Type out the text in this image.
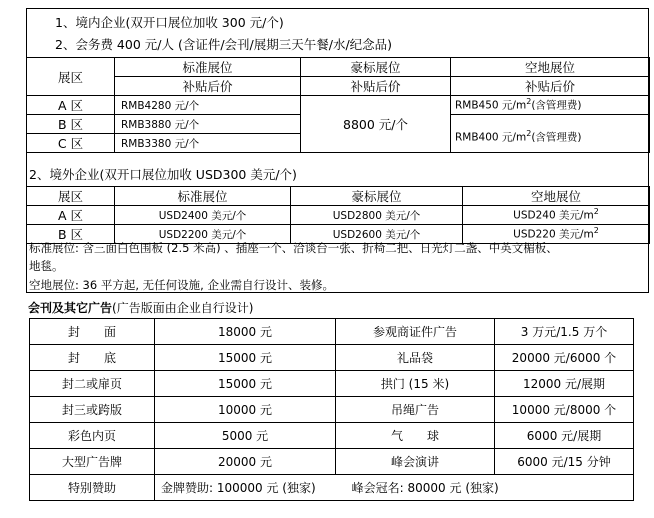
1、境内企业(双开口展位加收 300 元/个)
2、会务费 400 元/人 (含证件/会刊/展期三天午餐/水/纪念品)
展区	标准展位	豪标展位	空地展位
	补贴后价	补贴后价	补贴后价
A 区	RMB4280 元/个	8800 元/个	RMB450 元$/m^2$(含管理费)
B 区	RMB3880 元/个		RMB400 元$/m^2$(含管理费)
C 区	RMB3380 元/个		
2、境外企业(双开口展位加收 USD300 美元/个)
展区	标准展位	豪标展位	空地展位
A 区	USD2400 美元/个	USD2800 美元/个	USD240 美元$/m^2$
B 区	USD2200 美元/个	USD2600 美元/个	USD220 美元$/m^2$
标准展位: 含三面白色围板 (2.5 米高) 、插座一个、洽谈台一张、折椅二把、日光灯二盏、中英文楣板、
地毯。
空地展位: 36 平方起, 无任何设施, 企业需自行设计、装修。
会刊及其它广告(广告版面由企业自行设计)
封　　面	18000 元	参观商证件广告	3 万元/1.5 万个
封　　底	15000 元	礼品袋	20000 元/6000 个
封二或扉页	15000 元	拱门 (15 米)	12000 元/展期
封三或跨版	10000 元	吊绳广告	10000 元/8000 个
彩色内页	5000 元	气　　球	6000 元/展期
大型广告牌	20000 元	峰会演讲	6000 元/15 分钟
特别赞助	金牌赞助: 100000 元 (独家)　　　峰会冠名: 80000 元 (独家)		
